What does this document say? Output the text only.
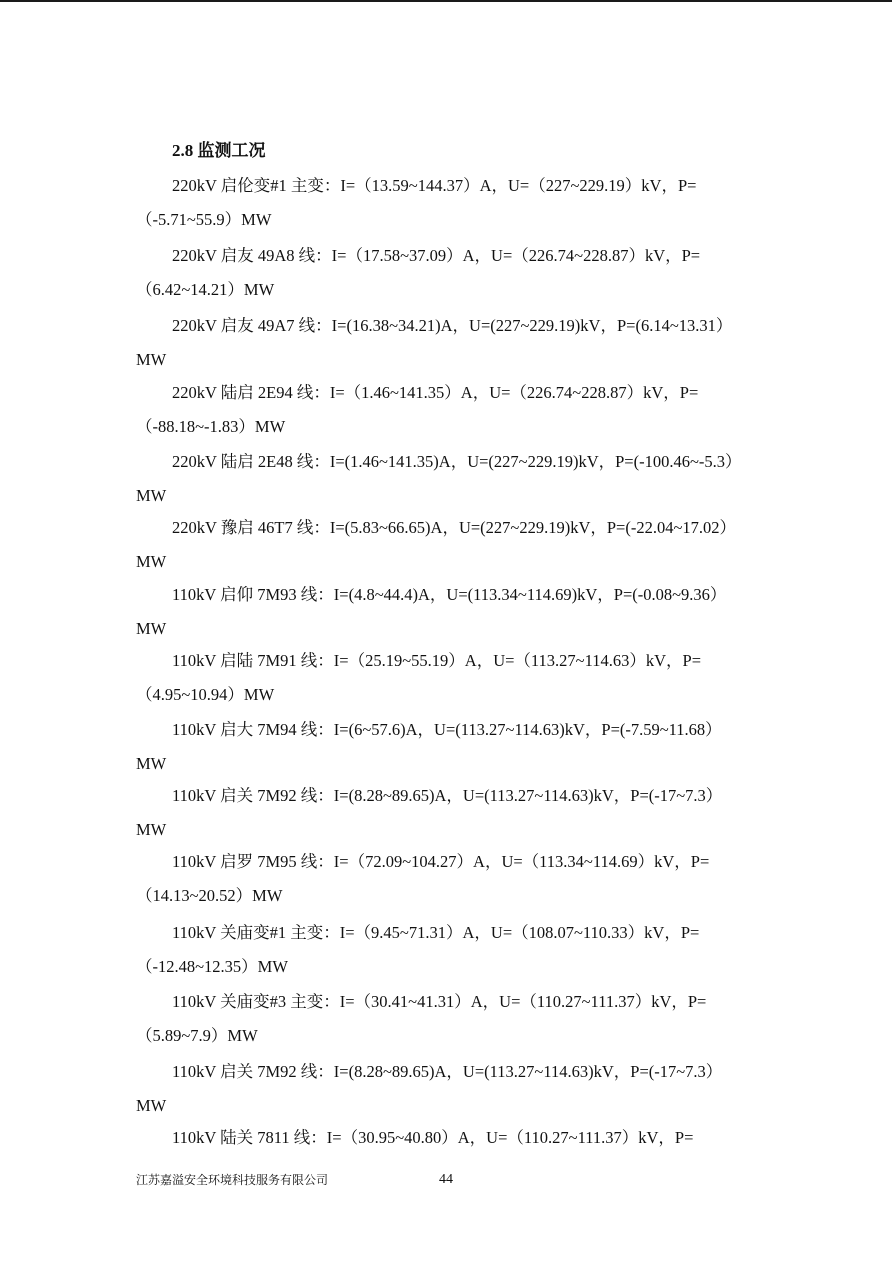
2.8 监测工况
220kV 启伦变#1 主变：I=（13.59~144.37）A，U=（227~229.19）kV，P=
（-5.71~55.9）MW
220kV 启友 49A8 线：I=（17.58~37.09）A，U=（226.74~228.87）kV，P=
（6.42~14.21）MW
220kV 启友 49A7 线：I=(16.38~34.21)A，U=(227~229.19)kV，P=(6.14~13.31）
MW
220kV 陆启 2E94 线：I=（1.46~141.35）A，U=（226.74~228.87）kV，P=
（-88.18~-1.83）MW
220kV 陆启 2E48 线：I=(1.46~141.35)A，U=(227~229.19)kV，P=(-100.46~-5.3）
MW
220kV 豫启 46T7 线：I=(5.83~66.65)A，U=(227~229.19)kV，P=(-22.04~17.02）
MW
110kV 启仰 7M93 线：I=(4.8~44.4)A，U=(113.34~114.69)kV，P=(-0.08~9.36）
MW
110kV 启陆 7M91 线：I=（25.19~55.19）A，U=（113.27~114.63）kV，P=
（4.95~10.94）MW
110kV 启大 7M94 线：I=(6~57.6)A，U=(113.27~114.63)kV，P=(-7.59~11.68）
MW
110kV 启关 7M92 线：I=(8.28~89.65)A，U=(113.27~114.63)kV，P=(-17~7.3）
MW
110kV 启罗 7M95 线：I=（72.09~104.27）A，U=（113.34~114.69）kV，P=
（14.13~20.52）MW
110kV 关庙变#1 主变：I=（9.45~71.31）A，U=（108.07~110.33）kV，P=
（-12.48~12.35）MW
110kV 关庙变#3 主变：I=（30.41~41.31）A，U=（110.27~111.37）kV，P=
（5.89~7.9）MW
110kV 启关 7M92 线：I=(8.28~89.65)A，U=(113.27~114.63)kV，P=(-17~7.3）
MW
110kV 陆关 7811 线：I=（30.95~40.80）A，U=（110.27~111.37）kV，P=
江苏嘉溢安全环境科技服务有限公司	44
